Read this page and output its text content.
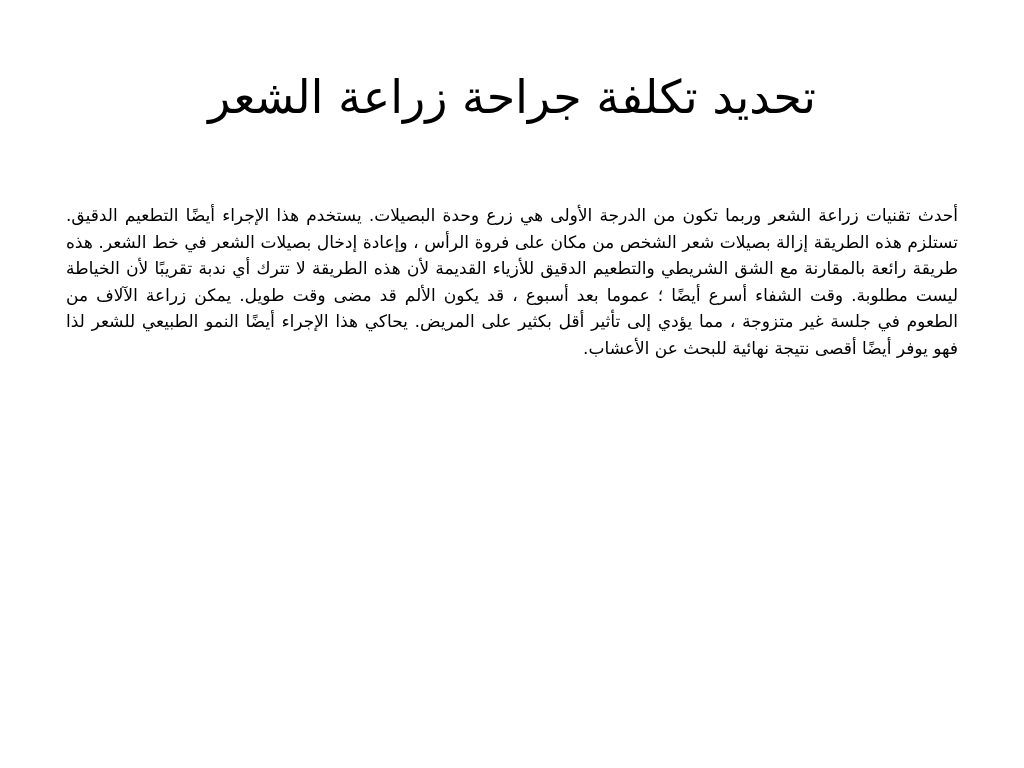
تحديد تكلفة جراحة زراعة الشعر

أحدث تقنيات زراعة الشعر وربما تكون من الدرجة الأولى هي زرع وحدة البصيلات. يستخدم هذا الإجراء أيضًا التطعيم الدقيق. تستلزم هذه الطريقة إزالة بصيلات شعر الشخص من مكان على فروة الرأس ، وإعادة إدخال بصيلات الشعر في خط الشعر. هذه طريقة رائعة بالمقارنة مع الشق الشريطي والتطعيم الدقيق للأزياء القديمة لأن هذه الطريقة لا تترك أي ندبة تقريبًا لأن الخياطة ليست مطلوبة. وقت الشفاء أسرع أيضًا ؛ عموما بعد أسبوع ، قد يكون الألم قد مضى وقت طويل. يمكن زراعة الآلاف من الطعوم في جلسة غير متزوجة ، مما يؤدي إلى تأثير أقل بكثير على المريض. يحاكي هذا الإجراء أيضًا النمو الطبيعي للشعر لذا فهو يوفر أيضًا أقصى نتيجة نهائية للبحث عن الأعشاب.
